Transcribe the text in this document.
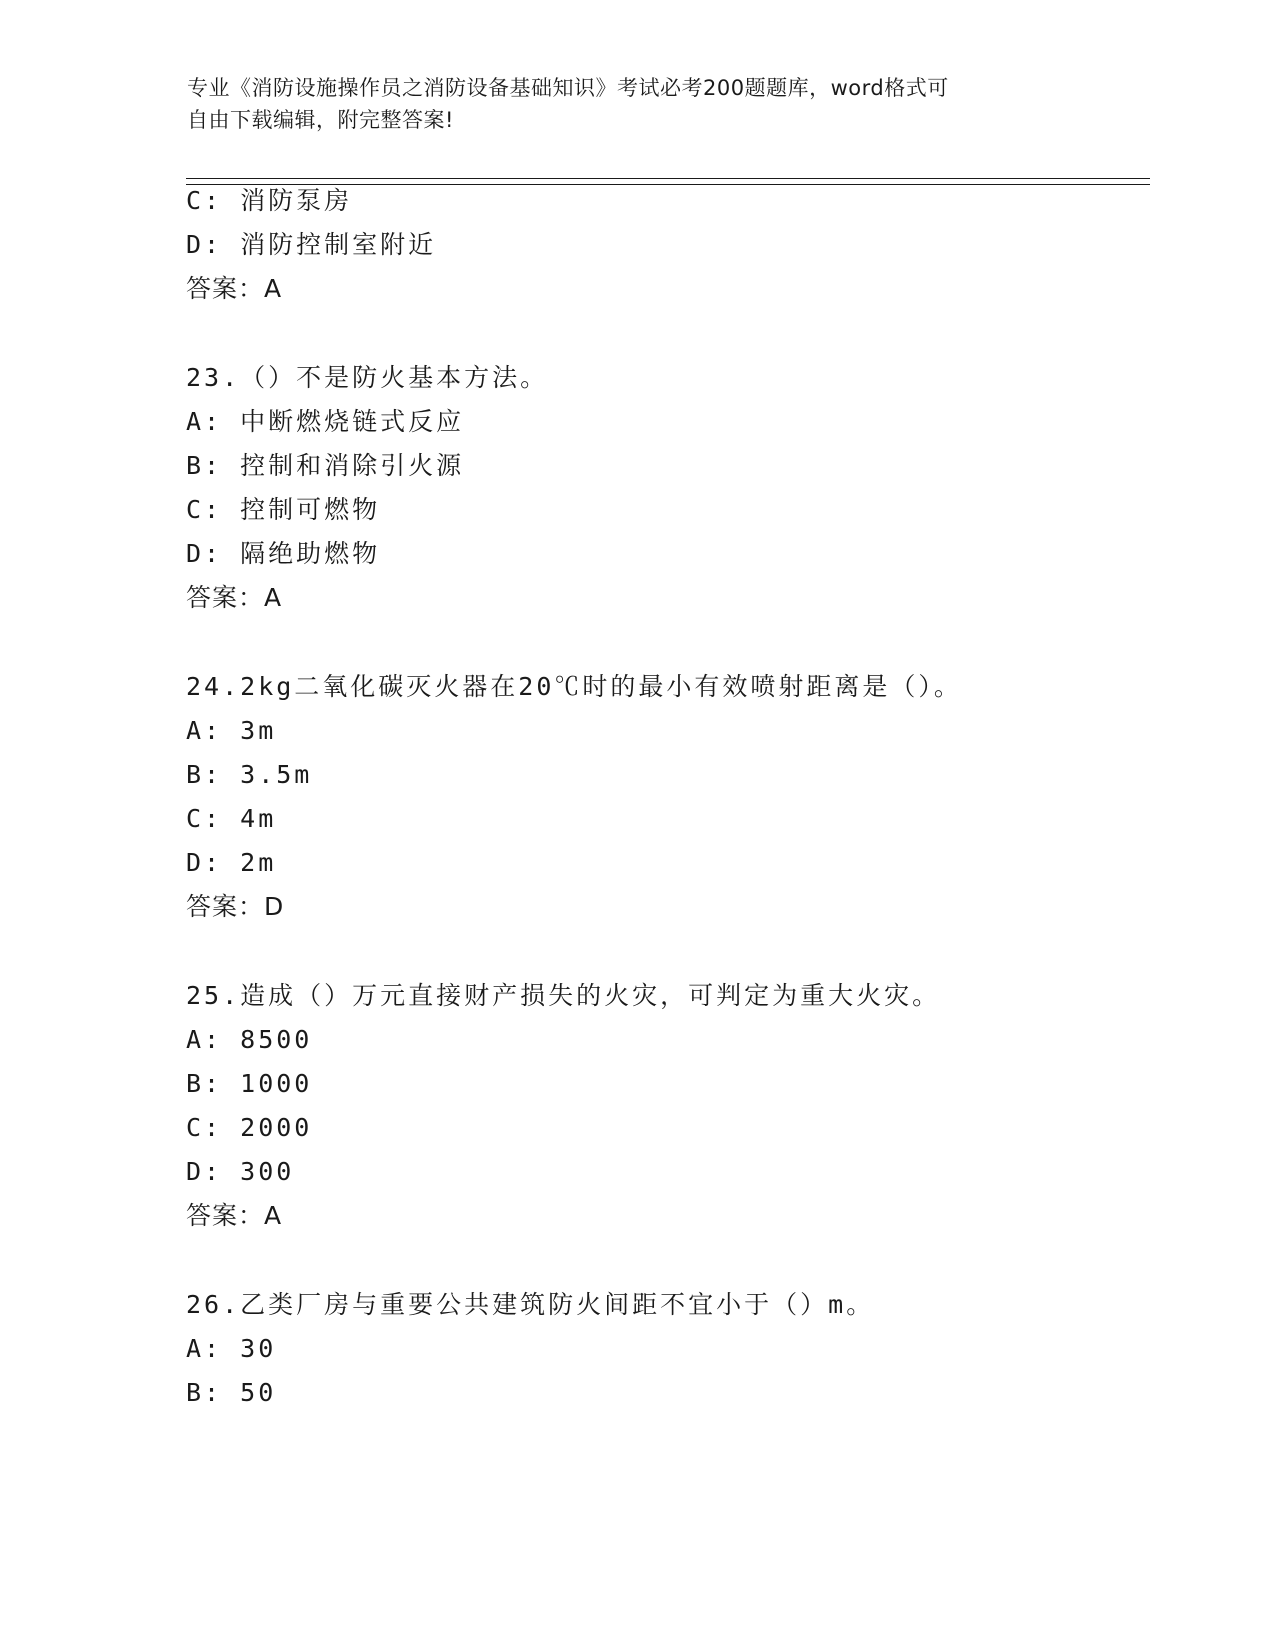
专业《消防设施操作员之消防设备基础知识》考试必考200题题库，word格式可
自由下载编辑，附完整答案!
C: 消防泵房
D: 消防控制室附近
答案：A
23.（）不是防火基本方法。
A: 中断燃烧链式反应
B: 控制和消除引火源
C: 控制可燃物
D: 隔绝助燃物
答案：A
24.2kg二氧化碳灭火器在20℃时的最小有效喷射距离是（）。
A: 3m
B: 3.5m
C: 4m
D: 2m
答案：D
25.造成（）万元直接财产损失的火灾，可判定为重大火灾。
A: 8500
B: 1000
C: 2000
D: 300
答案：A
26.乙类厂房与重要公共建筑防火间距不宜小于（）m。
A: 30
B: 50
